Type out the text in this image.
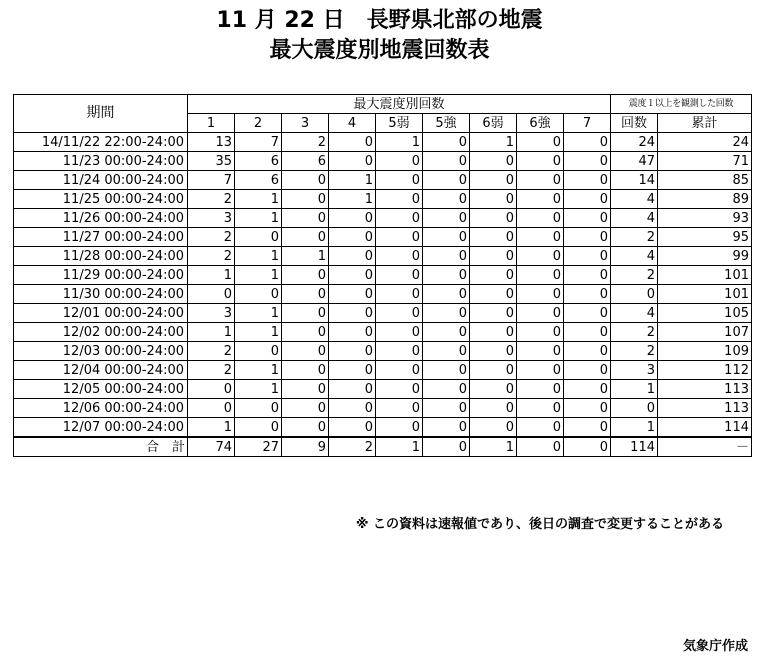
11 月 22 日　長野県北部の地震
最大震度別地震回数表
期間	最大震度別回数									震度１以上を観測した回数	
	1	2	3	4	5弱	5強	6弱	6強	7	回数	累計
14/11/22 22:00-24:00	13	7	2	0	1	0	1	0	0	24	24
11/23 00:00-24:00	35	6	6	0	0	0	0	0	0	47	71
11/24 00:00-24:00	7	6	0	1	0	0	0	0	0	14	85
11/25 00:00-24:00	2	1	0	1	0	0	0	0	0	4	89
11/26 00:00-24:00	3	1	0	0	0	0	0	0	0	4	93
11/27 00:00-24:00	2	0	0	0	0	0	0	0	0	2	95
11/28 00:00-24:00	2	1	1	0	0	0	0	0	0	4	99
11/29 00:00-24:00	1	1	0	0	0	0	0	0	0	2	101
11/30 00:00-24:00	0	0	0	0	0	0	0	0	0	0	101
12/01 00:00-24:00	3	1	0	0	0	0	0	0	0	4	105
12/02 00:00-24:00	1	1	0	0	0	0	0	0	0	2	107
12/03 00:00-24:00	2	0	0	0	0	0	0	0	0	2	109
12/04 00:00-24:00	2	1	0	0	0	0	0	0	0	3	112
12/05 00:00-24:00	0	1	0	0	0	0	0	0	0	1	113
12/06 00:00-24:00	0	0	0	0	0	0	0	0	0	0	113
12/07 00:00-24:00	1	0	0	0	0	0	0	0	0	1	114
合　計	74	27	9	2	1	0	1	0	0	114	－
※ この資料は速報値であり、後日の調査で変更することがある
気象庁作成
